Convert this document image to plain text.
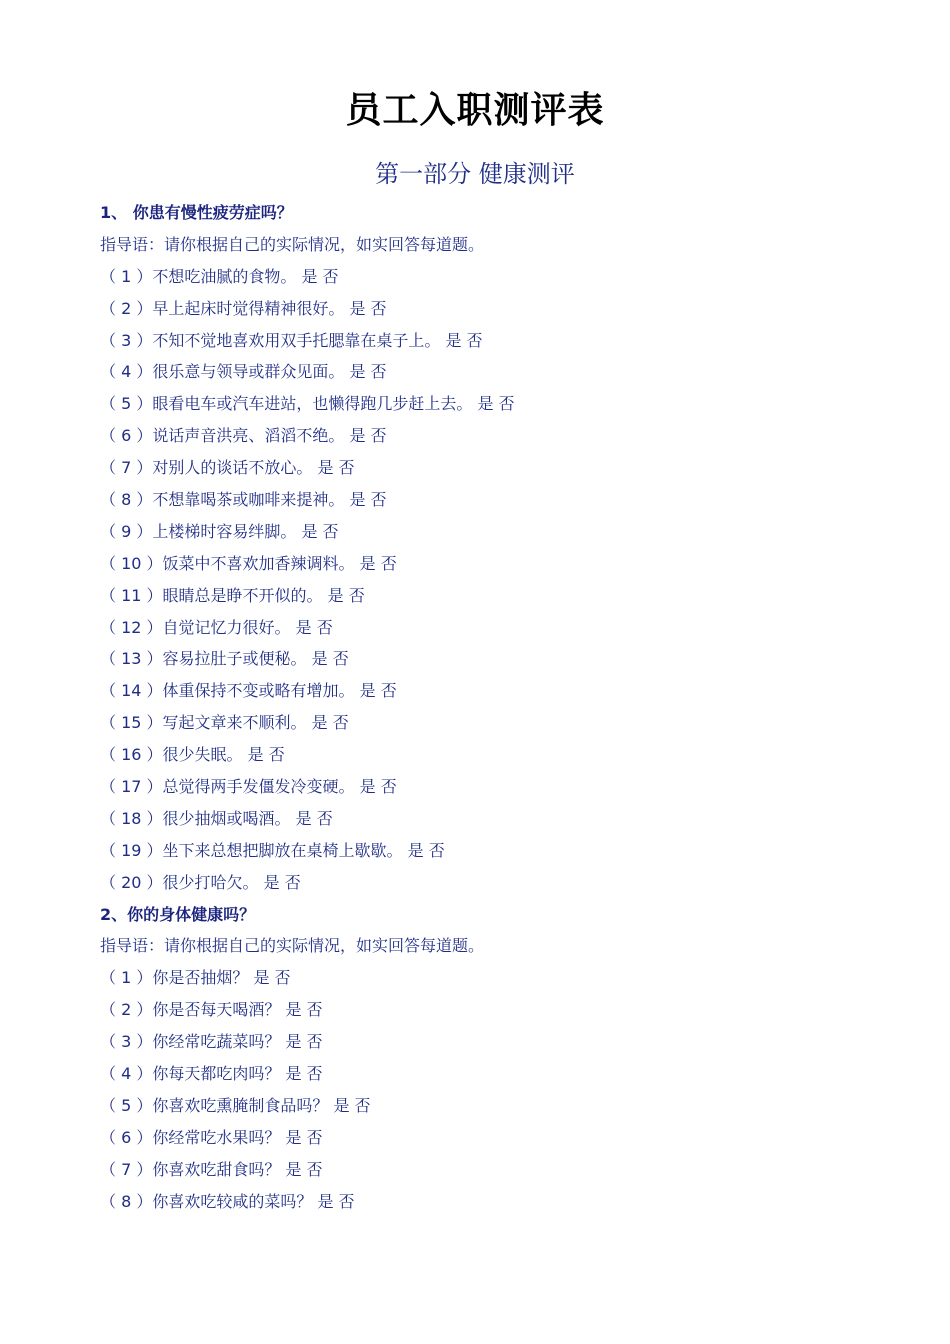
员工入职测评表
第一部分 健康测评
1、 你患有慢性疲劳症吗？
指导语：请你根据自己的实际情况，如实回答每道题。
（ 1 ）不想吃油腻的食物。 是 否
（ 2 ）早上起床时觉得精神很好。 是 否
（ 3 ）不知不觉地喜欢用双手托腮靠在桌子上。 是 否
（ 4 ）很乐意与领导或群众见面。 是 否
（ 5 ）眼看电车或汽车进站，也懒得跑几步赶上去。 是 否
（ 6 ）说话声音洪亮、滔滔不绝。 是 否
（ 7 ）对别人的谈话不放心。 是 否
（ 8 ）不想靠喝茶或咖啡来提神。 是 否
（ 9 ）上楼梯时容易绊脚。 是 否
（ 10 ）饭菜中不喜欢加香辣调料。 是 否
（ 11 ）眼睛总是睁不开似的。 是 否
（ 12 ）自觉记忆力很好。 是 否
（ 13 ）容易拉肚子或便秘。 是 否
（ 14 ）体重保持不变或略有增加。 是 否
（ 15 ）写起文章来不顺利。 是 否
（ 16 ）很少失眠。 是 否
（ 17 ）总觉得两手发僵发冷变硬。 是 否
（ 18 ）很少抽烟或喝酒。 是 否
（ 19 ）坐下来总想把脚放在桌椅上歇歇。 是 否
（ 20 ）很少打哈欠。 是 否
2、你的身体健康吗？
指导语：请你根据自己的实际情况，如实回答每道题。
（ 1 ）你是否抽烟？ 是 否
（ 2 ）你是否每天喝酒？ 是 否
（ 3 ）你经常吃蔬菜吗？ 是 否
（ 4 ）你每天都吃肉吗？ 是 否
（ 5 ）你喜欢吃熏腌制食品吗？ 是 否
（ 6 ）你经常吃水果吗？ 是 否
（ 7 ）你喜欢吃甜食吗？ 是 否
（ 8 ）你喜欢吃较咸的菜吗？ 是 否
